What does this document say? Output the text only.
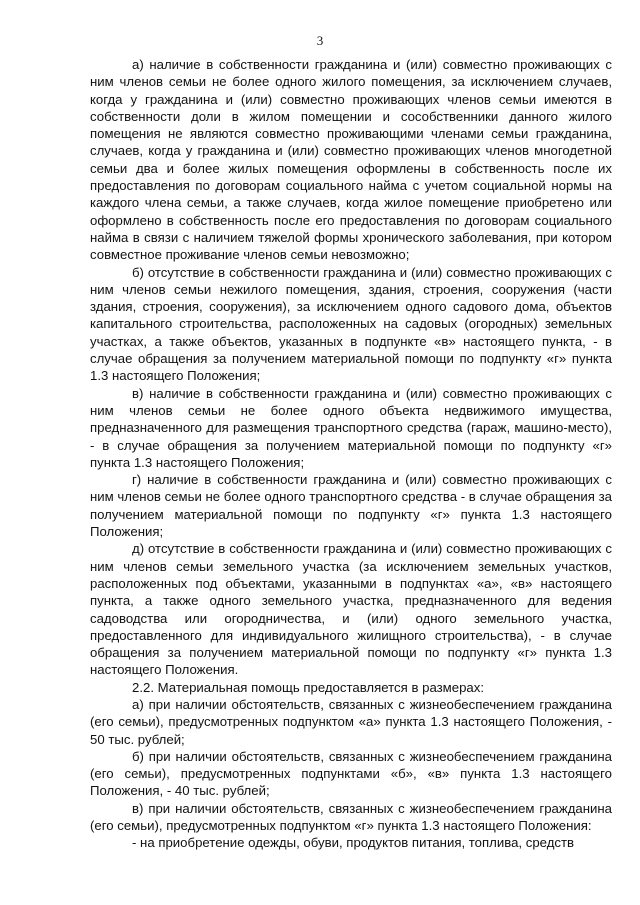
3

а) наличие в собственности гражданина и (или) совместно проживающих с ним членов семьи не более одного жилого помещения, за исключением случаев, когда у гражданина и (или) совместно проживающих членов семьи имеются в собственности доли в жилом помещении и сособственники данного жилого помещения не являются совместно проживающими членами семьи гражданина, случаев, когда у гражданина и (или) совместно проживающих членов многодетной семьи два и более жилых помещения оформлены в собственность после их предоставления по договорам социального найма с учетом социальной нормы на каждого члена семьи, а также случаев, когда жилое помещение приобретено или оформлено в собственность после его предоставления по договорам социального найма в связи с наличием тяжелой формы хронического заболевания, при котором совместное проживание членов семьи невозможно;

б) отсутствие в собственности гражданина и (или) совместно проживающих с ним членов семьи нежилого помещения, здания, строения, сооружения (части здания, строения, сооружения), за исключением одного садового дома, объектов капитального строительства, расположенных на садовых (огородных) земельных участках, а также объектов, указанных в подпункте «в» настоящего пункта, - в случае обращения за получением материальной помощи по подпункту «г» пункта 1.3 настоящего Положения;

в) наличие в собственности гражданина и (или) совместно проживающих с ним членов семьи не более одного объекта недвижимого имущества, предназначенного для размещения транспортного средства (гараж, машино-место), - в случае обращения за получением материальной помощи по подпункту «г» пункта 1.3 настоящего Положения;

г) наличие в собственности гражданина и (или) совместно проживающих с ним членов семьи не более одного транспортного средства - в случае обращения за получением материальной помощи по подпункту «г» пункта 1.3 настоящего Положения;

д) отсутствие в собственности гражданина и (или) совместно проживающих с ним членов семьи земельного участка (за исключением земельных участков, расположенных под объектами, указанными в подпунктах «а», «в» настоящего пункта, а также одного земельного участка, предназначенного для ведения садоводства или огородничества, и (или) одного земельного участка, предоставленного для индивидуального жилищного строительства), - в случае обращения за получением материальной помощи по подпункту «г» пункта 1.3 настоящего Положения.

2.2. Материальная помощь предоставляется в размерах:

а) при наличии обстоятельств, связанных с жизнеобеспечением гражданина (его семьи), предусмотренных подпунктом «а» пункта 1.3 настоящего Положения, - 50 тыс. рублей;

б) при наличии обстоятельств, связанных с жизнеобеспечением гражданина (его семьи), предусмотренных подпунктами «б», «в» пункта 1.3 настоящего Положения, - 40 тыс. рублей;

в) при наличии обстоятельств, связанных с жизнеобеспечением гражданина (его семьи), предусмотренных подпунктом «г» пункта 1.3 настоящего Положения:

- на приобретение одежды, обуви, продуктов питания, топлива, средств
